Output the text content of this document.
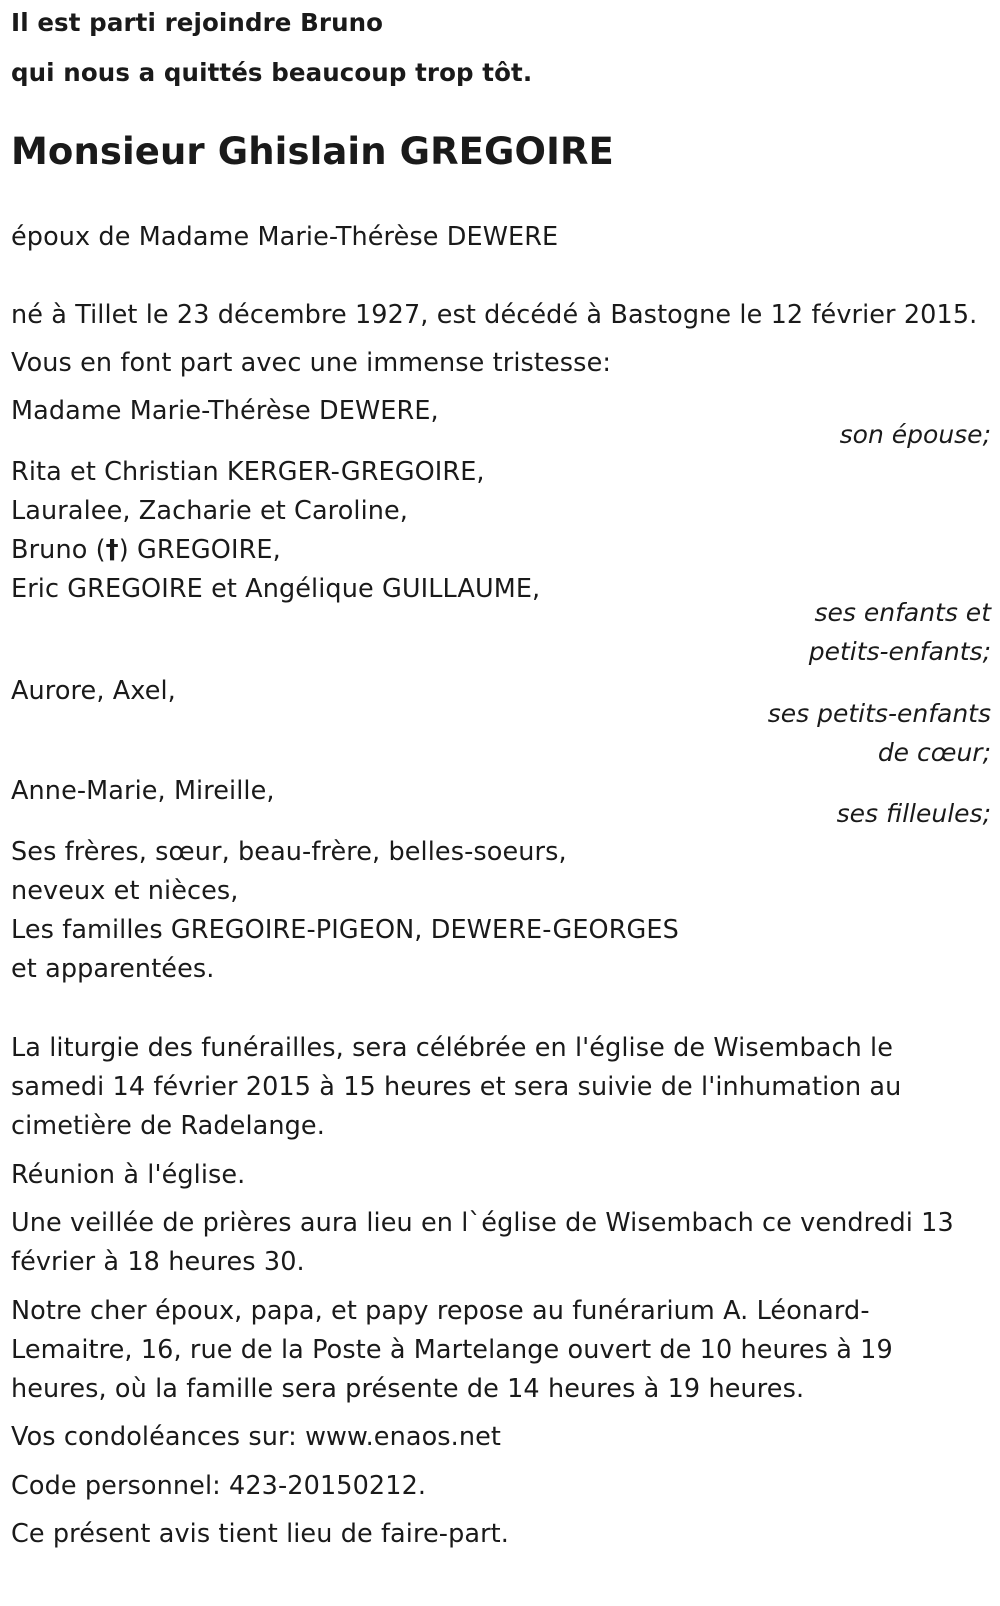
Il est parti rejoindre Bruno
qui nous a quittés beaucoup trop tôt.
Monsieur Ghislain GREGOIRE
époux de Madame Marie-Thérèse DEWERE
né à Tillet le 23 décembre 1927, est décédé à Bastogne le 12 février 2015.
Vous en font part avec une immense tristesse:
Madame Marie-Thérèse DEWERE,
son épouse;
Rita et Christian KERGER-GREGOIRE,
Lauralee, Zacharie et Caroline,
Bruno (†) GREGOIRE,
Eric GREGOIRE et Angélique GUILLAUME,
ses enfants et
petits-enfants;
Aurore, Axel,
ses petits-enfants
de cœur;
Anne-Marie, Mireille,
ses filleules;
Ses frères, sœur, beau-frère, belles-soeurs,
neveux et nièces,
Les familles GREGOIRE-PIGEON, DEWERE-GEORGES
et apparentées.
La liturgie des funérailles, sera célébrée en l'église de Wisembach le
samedi 14 février 2015 à 15 heures et sera suivie de l'inhumation au
cimetière de Radelange.
Réunion à l'église.
Une veillée de prières aura lieu en l`église de Wisembach ce vendredi 13
février à 18 heures 30.
Notre cher époux, papa, et papy repose au funérarium A. Léonard-
Lemaitre, 16, rue de la Poste à Martelange ouvert de 10 heures à 19
heures, où la famille sera présente de 14 heures à 19 heures.
Vos condoléances sur: www.enaos.net
Code personnel: 423-20150212.
Ce présent avis tient lieu de faire-part.
